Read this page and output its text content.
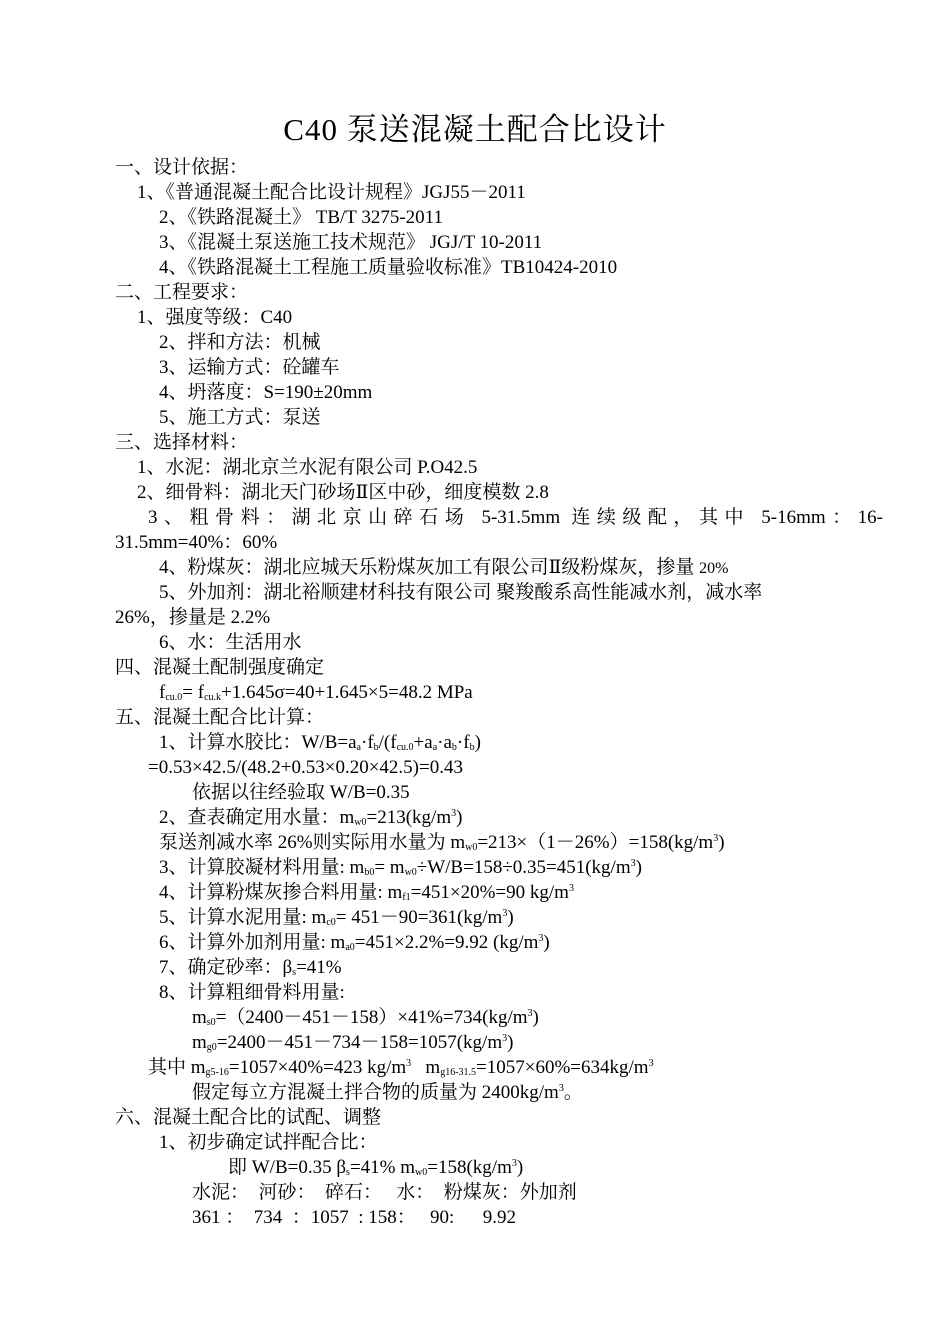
C40 泵送混凝土配合比设计
一、设计依据：
1、《普通混凝土配合比设计规程》JGJ55－2011
2、《铁路混凝土》 TB/T 3275-2011
3、《混凝土泵送施工技术规范》 JGJ/T 10-2011
4、《铁路混凝土工程施工质量验收标准》TB10424-2010
二、工程要求：
1、强度等级：C40
2、拌和方法：机械
3、运输方式：砼罐车
4、坍落度：S=190±20mm
5、施工方式：泵送
三、选择材料：
1、水泥：湖北京兰水泥有限公司 P.O42.5
2、细骨料：湖北天门砂场Ⅱ区中砂，细度模数 2.8
3、粗骨料：湖北京山碎石场 5-31.5mm 连续级配，其中 5-16mm：16-
31.5mm=40%：60%
4、粉煤灰：湖北应城天乐粉煤灰加工有限公司Ⅱ级粉煤灰，掺量 20%
5、外加剂：湖北裕顺建材科技有限公司 聚羧酸系高性能减水剂，减水率
26%，掺量是 2.2%
6、水：生活用水
四、混凝土配制强度确定
$f_{cu.0}= f_{cu.k}+1.645\sigma=40+1.645\times 5=48.2$ MPa
五、混凝土配合比计算：
1、计算水胶比：$W/B=a_a\cdot f_b/(f_{cu.0}+a_a\cdot a_b\cdot f_b)$
=0.53×42.5/(48.2+0.53×0.20×42.5)=0.43
依据以往经验取 W/B=0.35
2、查表确定用水量：$m_{w0}=213(kg/m^3)$
泵送剂减水率 26%则实际用水量为 $m_{w0}=213\times(1-26\%)=158(kg/m^3)$
3、计算胶凝材料用量: $m_{b0}= m_{w0}\div W/B=158\div 0.35=451(kg/m^3)$
4、计算粉煤灰掺合料用量: $m_{f1}=451\times 20\%=90$ $kg/m^3$
5、计算水泥用量: $m_{c0}= 451-90=361(kg/m^3)$
6、计算外加剂用量: $m_{a0}=451\times 2.2\%=9.92$ $(kg/m^3)$
7、确定砂率：$\beta_s=41\%$
8、计算粗细骨料用量:
$m_{s0}=(2400-451-158)\times 41\%=734(kg/m^3)$
$m_{g0}=2400-451-734-158=1057(kg/m^3)$
其中 $m_{g5-16}=1057\times 40\%=423$ $kg/m^3$ $m_{g16-31.5}=1057\times 60\%=634kg/m^3$
假定每立方混凝土拌合物的质量为 $2400kg/m^3$。
六、混凝土配合比的试配、调整
1、初步确定试拌配合比：
即 W/B=0.35 $\beta_s=41\%$ $m_{w0}=158(kg/m^3)$
水泥：  河砂：  碎石：   水：  粉煤灰：外加剂
361 ：  734  ：1057  : 158：   90:      9.92
